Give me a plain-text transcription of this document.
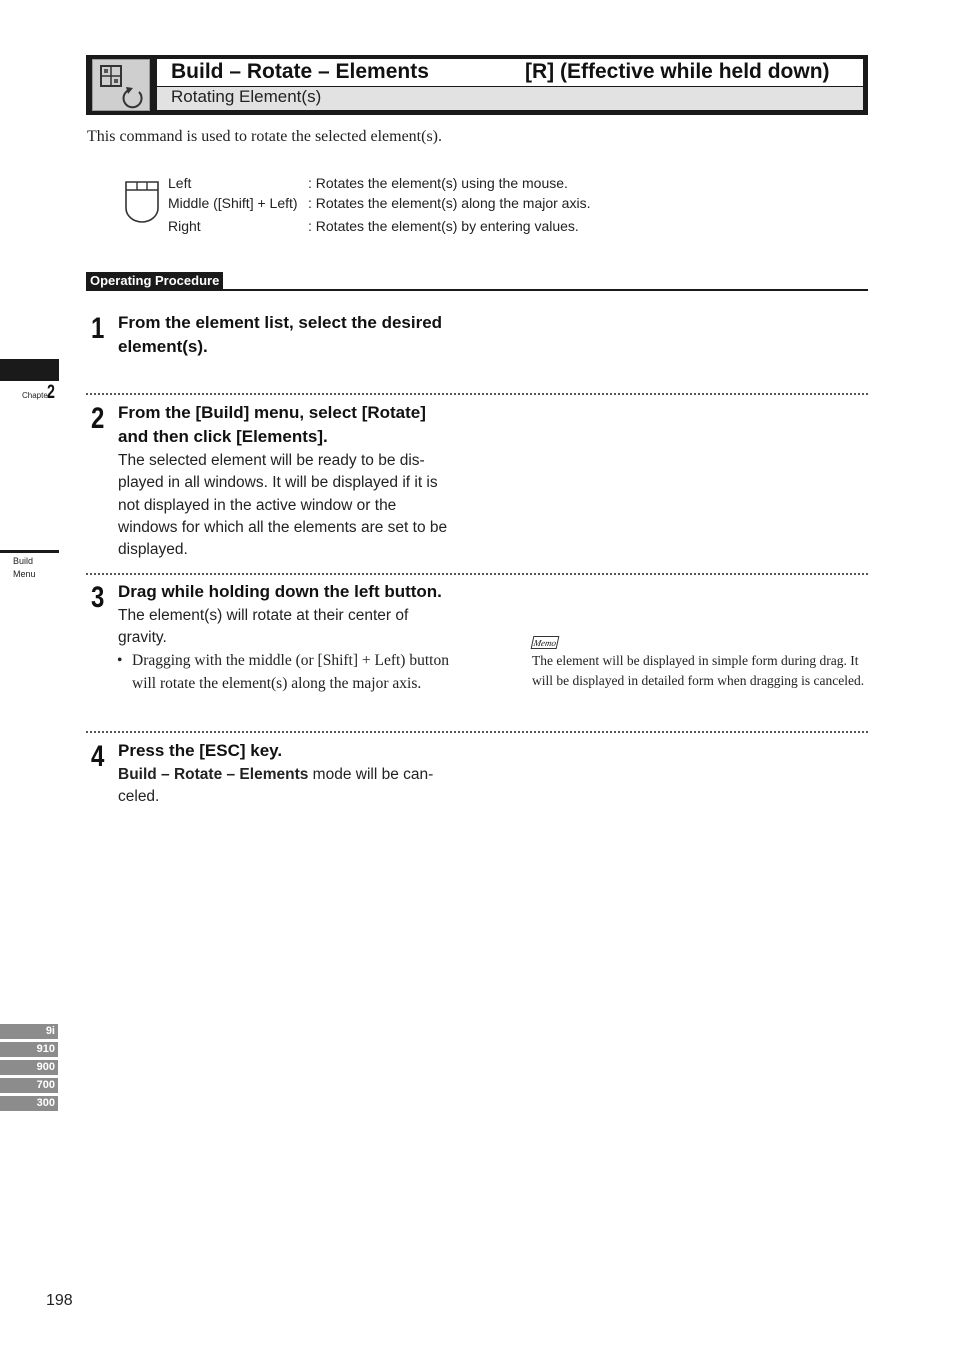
Build – Rotate – Elements	[R] (Effective while held down)
Rotating Element(s)
This command is used to rotate the selected element(s).
Left	: Rotates the element(s) using the mouse.
Middle ([Shift] + Left) : Rotates the element(s) along the major axis.
Right	: Rotates the element(s) by entering values.
Operating Procedure
1 From the element list, select the desired element(s).
2 From the [Build] menu, select [Rotate] and then click [Elements].
The selected element will be ready to be dis-played in all windows. It will be displayed if it is not displayed in the active window or the windows for which all the elements are set to be displayed.
3 Drag while holding down the left button.
The element(s) will rotate at their center of gravity.
• Dragging with the middle (or [Shift] + Left) button will rotate the element(s) along the major axis.
Memo
The element will be displayed in simple form during drag. It will be displayed in detailed form when dragging is canceled.
4 Press the [ESC] key.
Build – Rotate – Elements mode will be can-celed.
Chapter
2
Build
Menu
9i
910
900
700
300
198
